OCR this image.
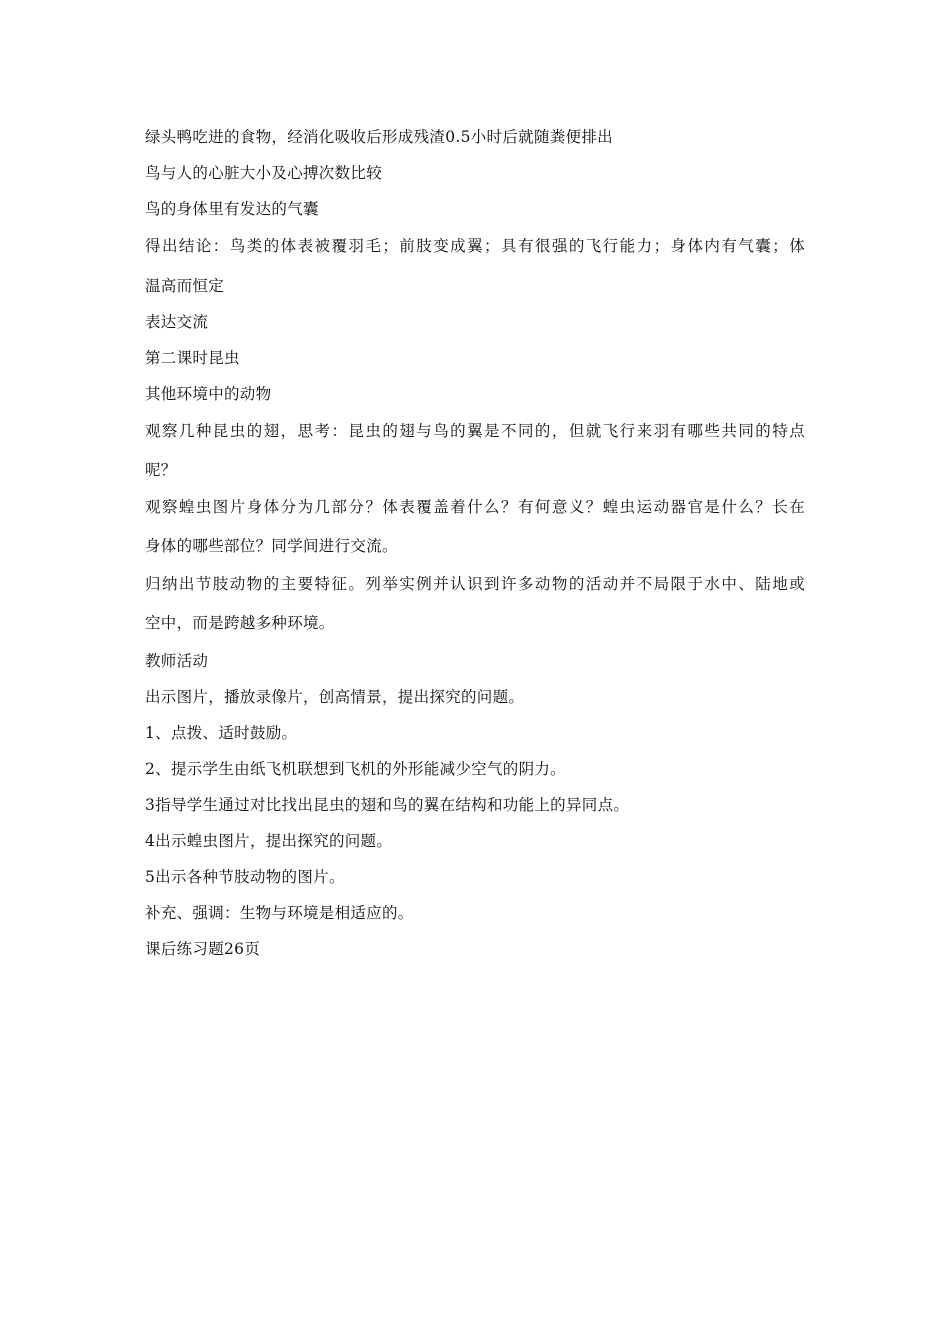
绿头鸭吃进的食物，经消化吸收后形成残渣0.5小时后就随粪便排出
鸟与人的心脏大小及心搏次数比较
鸟的身体里有发达的气囊
得出结论：鸟类的体表被覆羽毛；前肢变成翼；具有很强的飞行能力；身体内有气囊；体
温高而恒定
表达交流
第二课时昆虫
其他环境中的动物
观察几种昆虫的翅，思考：昆虫的翅与鸟的翼是不同的，但就飞行来羽有哪些共同的特点
呢？
观察蝗虫图片身体分为几部分？体表覆盖着什么？有何意义？蝗虫运动器官是什么？长在
身体的哪些部位？同学间进行交流。
归纳出节肢动物的主要特征。列举实例并认识到许多动物的活动并不局限于水中、陆地或
空中，而是跨越多种环境。
教师活动
出示图片，播放录像片，创高情景，提出探究的问题。
1、点拨、适时鼓励。
2、提示学生由纸飞机联想到飞机的外形能减少空气的阴力。
3指导学生通过对比找出昆虫的翅和鸟的翼在结构和功能上的异同点。
4出示蝗虫图片，提出探究的问题。
5出示各种节肢动物的图片。
补充、强调：生物与环境是相适应的。
课后练习题26页
